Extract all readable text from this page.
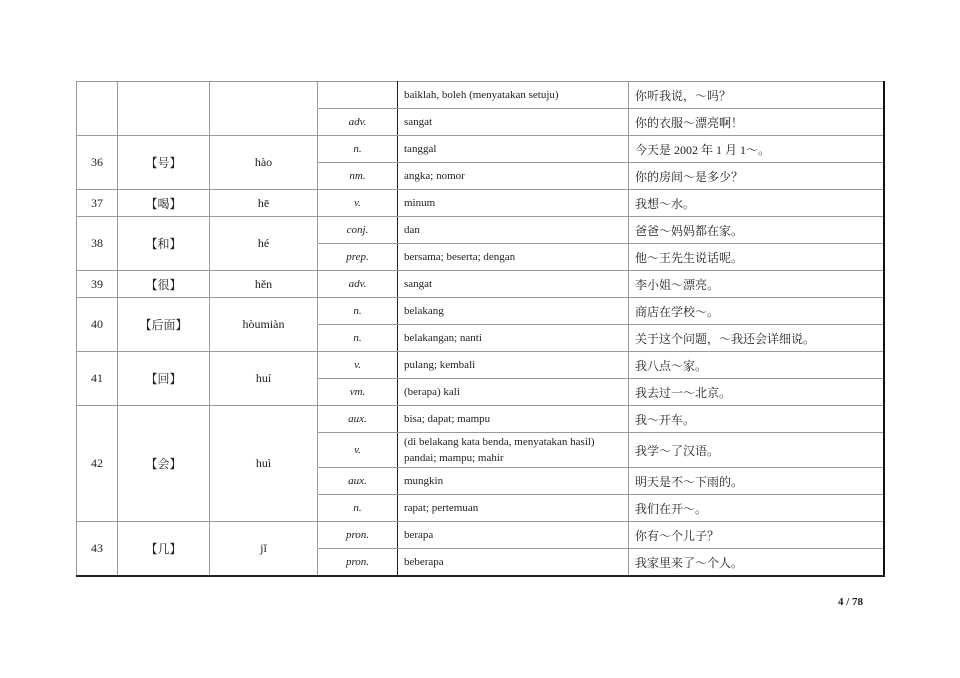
				baiklah, boleh (menyatakan setuju)	你听我说，～吗？
			adv.	sangat	你的衣服～漂亮啊！
36	【号】	hào	n.	tanggal	今天是 2002 年 1 月 1～。
			nm.	angka; nomor	你的房间～是多少？
37	【喝】	hē	v.	minum	我想～水。
38	【和】	hé	conj.	dan	爸爸～妈妈都在家。
			prep.	bersama; beserta; dengan	他～王先生说话呢。
39	【很】	hěn	adv.	sangat	李小姐～漂亮。
40	【后面】	hòumiàn	n.	belakang	商店在学校～。
			n.	belakangan; nanti	关于这个问题，～我还会详细说。
41	【回】	huí	v.	pulang; kembali	我八点～家。
			vm.	(berapa) kali	我去过一～北京。
42	【会】	huì	aux.	bisa; dapat; mampu	我～开车。
			v.	(di belakang kata benda, menyatakan hasil) pandai; mampu; mahir	我学～了汉语。
			aux.	mungkin	明天是不～下雨的。
			n.	rapat; pertemuan	我们在开～。
43	【几】	jǐ	pron.	berapa	你有～个儿子？
			pron.	beberapa	我家里来了～个人。
4 / 78
